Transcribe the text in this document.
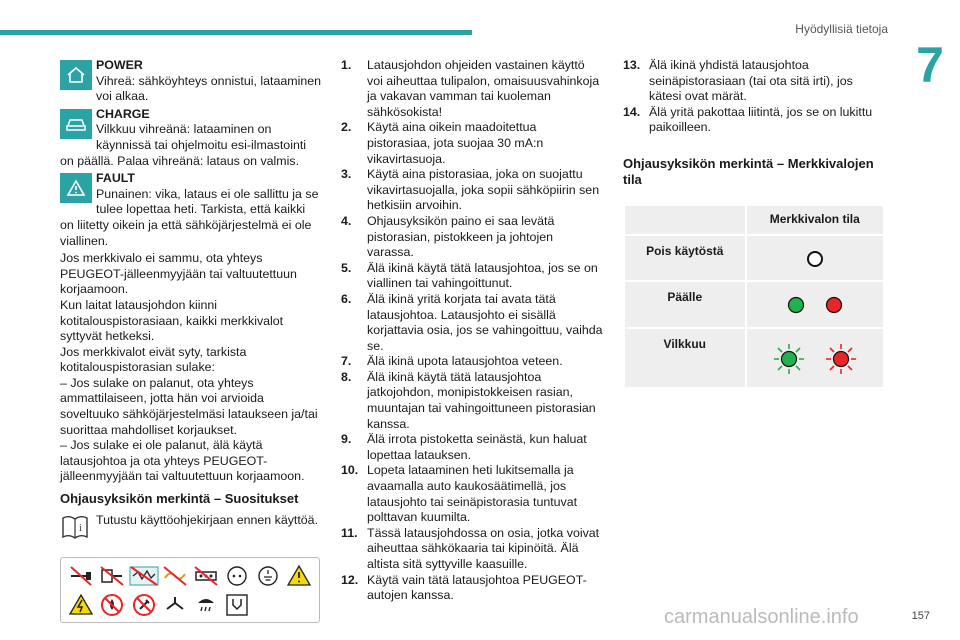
Hyödyllisiä tietoja
7
POWER
Vihreä: sähköyhteys onnistui, lataaminen voi alkaa.
CHARGE
Vilkkuu vihreänä: lataaminen on käynnissä tai ohjelmoitu esi-ilmastointi on päällä. Palaa vihreänä: lataus on valmis.
FAULT
Punainen: vika, lataus ei ole sallittu ja se tulee lopettaa heti. Tarkista, että kaikki on liitetty oikein ja että sähköjärjestelmä ei ole viallinen.
Jos merkkivalo ei sammu, ota yhteys PEUGEOT-jälleenmyyjään tai valtuutettuun korjaamoon.
Kun laitat latausjohdon kiinni kotitalouspistorasiaan, kaikki merkkivalot syttyvät hetkeksi.
Jos merkkivalot eivät syty, tarkista kotitalouspistorasian sulake:
– Jos sulake on palanut, ota yhteys ammattilaiseen, jotta hän voi arvioida soveltuuko sähköjärjestelmäsi lataukseen ja/tai suorittaa mahdolliset korjaukset.
– Jos sulake ei ole palanut, älä käytä latausjohtoa ja ota yhteys PEUGEOT-jälleenmyyjään tai valtuutettuun korjaamoon.
Ohjausyksikön merkintä – Suositukset
i
Tutustu käyttöohjekirjaan ennen käyttöä.
1.	Latausjohdon ohjeiden vastainen käyttö voi aiheuttaa tulipalon, omaisuusvahinkoja ja vakavan vamman tai kuoleman sähkösokista!
2.	Käytä aina oikein maadoitettua pistorasiaa, jota suojaa 30 mA:n vikavirtasuoja.
3.	Käytä aina pistorasiaa, joka on suojattu vikavirtasuojalla, joka sopii sähköpiirin sen hetkisiin arvoihin.
4.	Ohjausyksikön paino ei saa levätä pistorasian, pistokkeen ja johtojen varassa.
5.	Älä ikinä käytä tätä latausjohtoa, jos se on viallinen tai vahingoittunut.
6.	Älä ikinä yritä korjata tai avata tätä latausjohtoa. Latausjohto ei sisällä korjattavia osia, jos se vahingoittuu, vaihda se.
7.	Älä ikinä upota latausjohtoa veteen.
8.	Älä ikinä käytä tätä latausjohtoa jatkojohdon, monipistokkeisen rasian, muuntajan tai vahingoittuneen pistorasian kanssa.
9.	Älä irrota pistoketta seinästä, kun haluat lopettaa latauksen.
10. Lopeta lataaminen heti lukitsemalla ja avaamalla auto kaukosäätimellä, jos latausjohto tai seinäpistorasia tuntuvat polttavan kuumilta.
11. Tässä latausjohdossa on osia, jotka voivat aiheuttaa sähkökaaria tai kipinöitä. Älä altista sitä syttyville kaasuille.
12. Käytä vain tätä latausjohtoa PEUGEOT-autojen kanssa.
13. Älä ikinä yhdistä latausjohtoa seinäpistorasiaan (tai ota sitä irti), jos kätesi ovat märät.
14. Älä yritä pakottaa liitintä, jos se on lukittu paikoilleen.
Ohjausyksikön merkintä – Merkkivalojen tila
	Merkkivalon tila
Pois käytöstä	

Päälle	

Vilkkuu	
carmanualsonline.info	157
